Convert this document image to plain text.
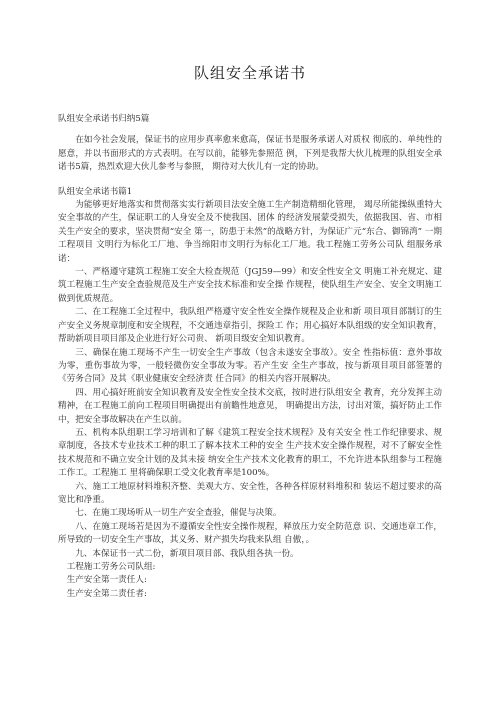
队组安全承诺书

队组安全承诺书归纳5篇

在如今社会发展，保证书的应用步真率愈来愈高，保证书是服务承诺人对质权 彻底的、单纯性的愿意，并以书面形式的方式表明。在写以前，能够先参照范 例，下列是我帮大伙儿梳理的队组安全承诺书5篇，热烈欢迎大伙儿参考与参照， 期待对大伙儿有一定的协助。

队组安全承诺书篇1

为能够更好地落实和贯彻落实实行新项目法安全施工生产制造精细化管理， 竭尽所能操纵重特大安全事故的产生，保证职工的人身安全及不使我国、团体 的经济发展蒙受损失，依据我国、省、市相关生产安全的要求，坚决贯彻“安全 第一，防患于未然”的战略方针，为保证广元“东合、御锦湾” 一期工程项目 文明行为标化工厂地、争当绵阳市文明行为标化工厂地。我工程施工劳务公司队 组服务承诺：

一、严格遵守建筑工程施工安全大检查规范（JGJ59—99）和安全性安全文 明施工补充规定、建筑工程施工生产安全查验规范及生产安全技术标准和安全操 作规程，使队组生产安全、安全文明施工做到优质规范。

二、在工程施工全过程中，我队组严格遵守安全性安全操作规程及企业和新 项目项目部制订的生产安全义务规章制度和安全规程，不交通违章指引，探险工 作；用心搞好本队组级的安全知识教育，帮助新项目项目部及企业进行好公司贵、 新项目级安全知识教育。

三、确保在施工现场不产生一切安全生产事故（包含未遂安全事故）。安全 性指标值：意外事故为零，重伤事故为零，一般轻微伤安全事故为零。若产生安 全生产事故，按与新项目项目部签署的《劳务合同》及其《职业健康安全经济责 任合同》的相关内容开展解决。

四、用心搞好班前安全知识教育及安全性安全技术交底，按时进行队组安全 教育，充分发挥主动精神，在工程施工前向工程项目明确提出有前瞻性地意见， 明确提出方法，讨出对策，搞好防止工作中，把安全事故解决在产生以前。

五、机构本队组职工学习培训和了解《建筑工程安全技术规程》及有关安全 性工作纪律要求、规章制度，各技术专业技术工种的职工了解本技术工种的安全 生产技术安全操作规程，对不了解安全性技术规范和不确立安全计划的及其未接 纳安全生产技术文化教育的职工，不允许进本队组参与工程施工作工。工程施工 里将确保职工受文化教育率是100%。

六、施工工地原材料堆积齐整、美观大方、安全性，各种各样原材料堆积和 装运不超过要求的高宽比和净重。

七、在施工现场听从一切生产安全查验，催促与决策。

八、在施工现场若是因为不遵循安全性安全操作规程，释放压力安全防范意 识、交通违章工作，所导致的一切安全生产事故，其义务、财产损失均我来队组 自傲，。

九、本保证书一式二份，新项目项目部、我队组各执一份。

工程施工劳务公司队组:

生产安全第一责任人:

生产安全第二责任者:
